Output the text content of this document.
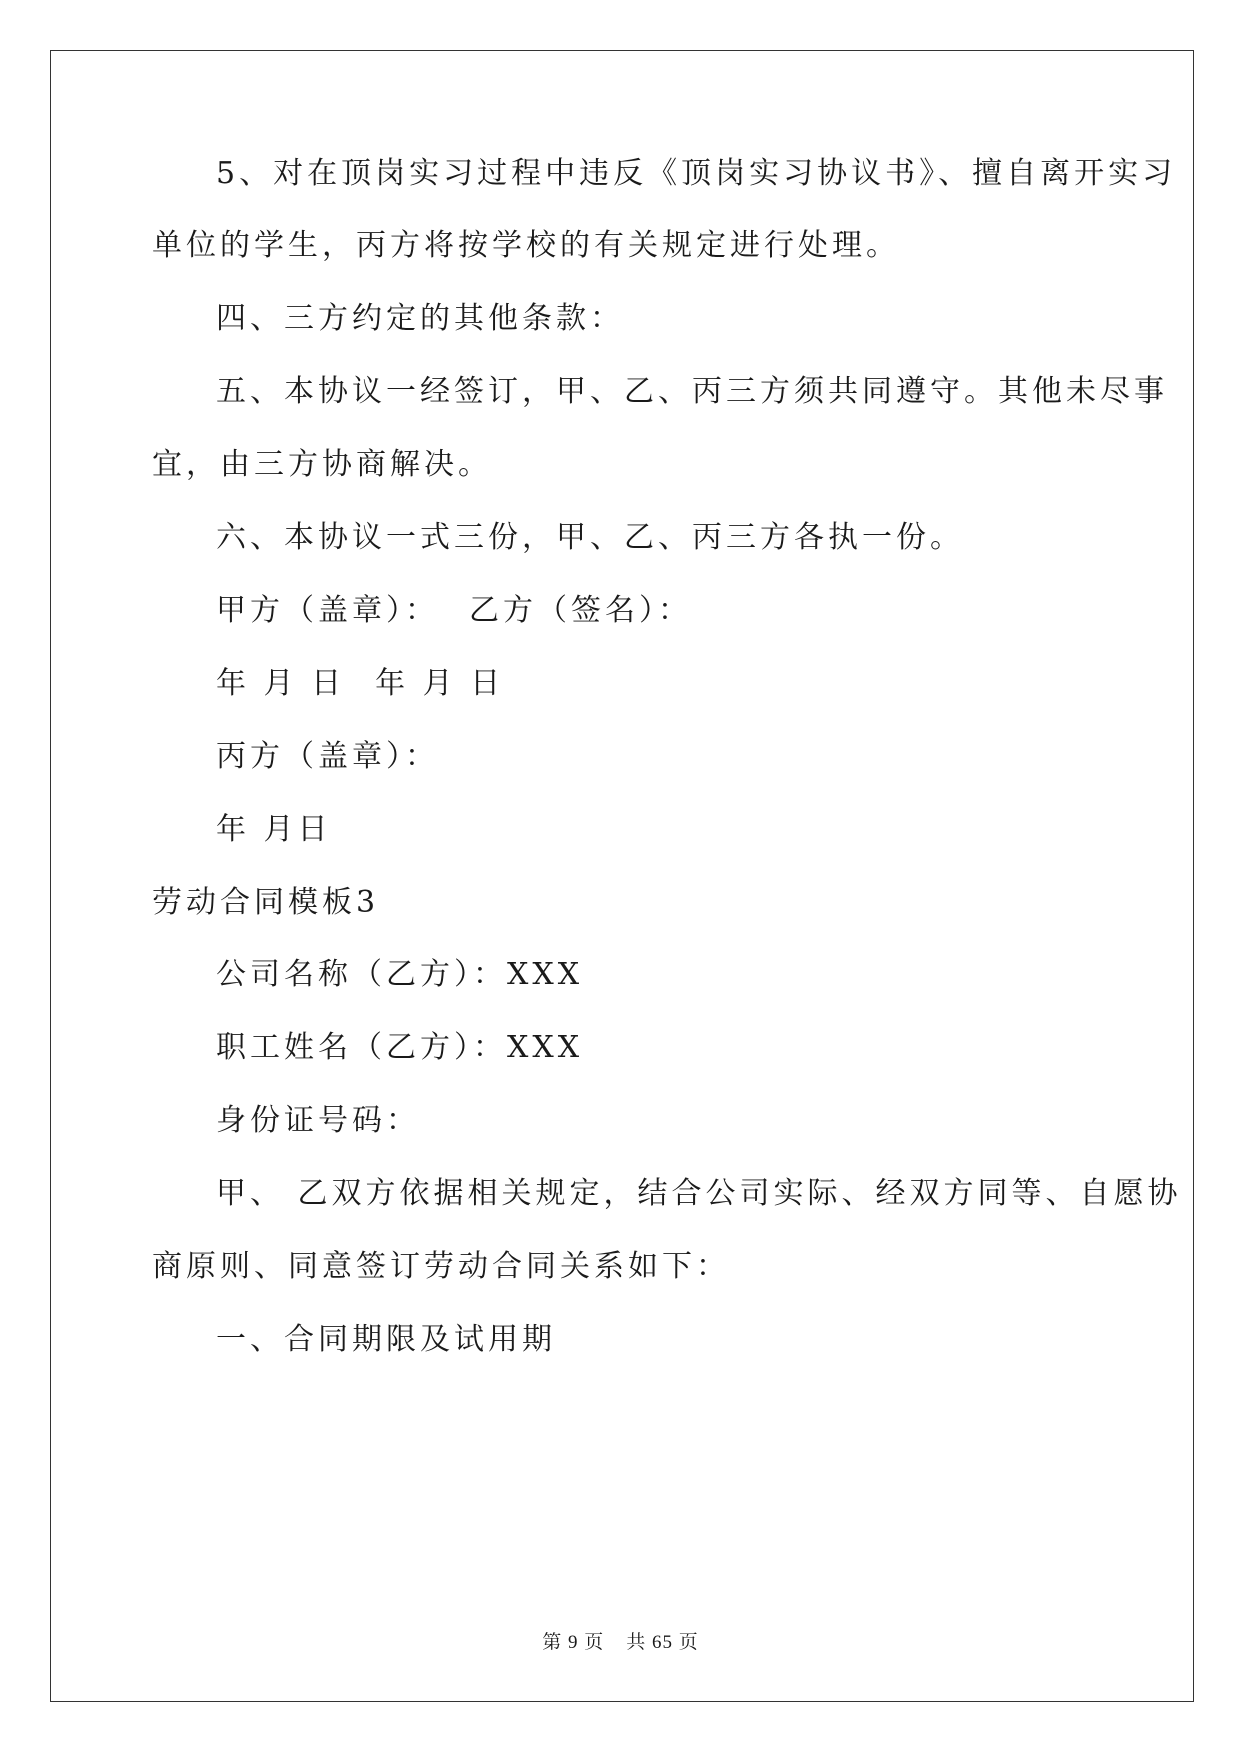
5、对在顶岗实习过程中违反《顶岗实习协议书》、擅自离开实习
单位的学生，丙方将按学校的有关规定进行处理。
四、三方约定的其他条款：
五、本协议一经签订，甲、乙、丙三方须共同遵守。其他未尽事
宜，由三方协商解决。
六、本协议一式三份，甲、乙、丙三方各执一份。
甲方（盖章）： 乙方（签名）：
年 月 日 年 月 日
丙方（盖章）：
年 月日
劳动合同模板3
公司名称（乙方）：XXX
职工姓名（乙方）：XXX
身份证号码：
甲、 乙双方依据相关规定，结合公司实际、经双方同等、自愿协
商原则、同意签订劳动合同关系如下：
一、合同期限及试用期
第 9 页 共 65 页
